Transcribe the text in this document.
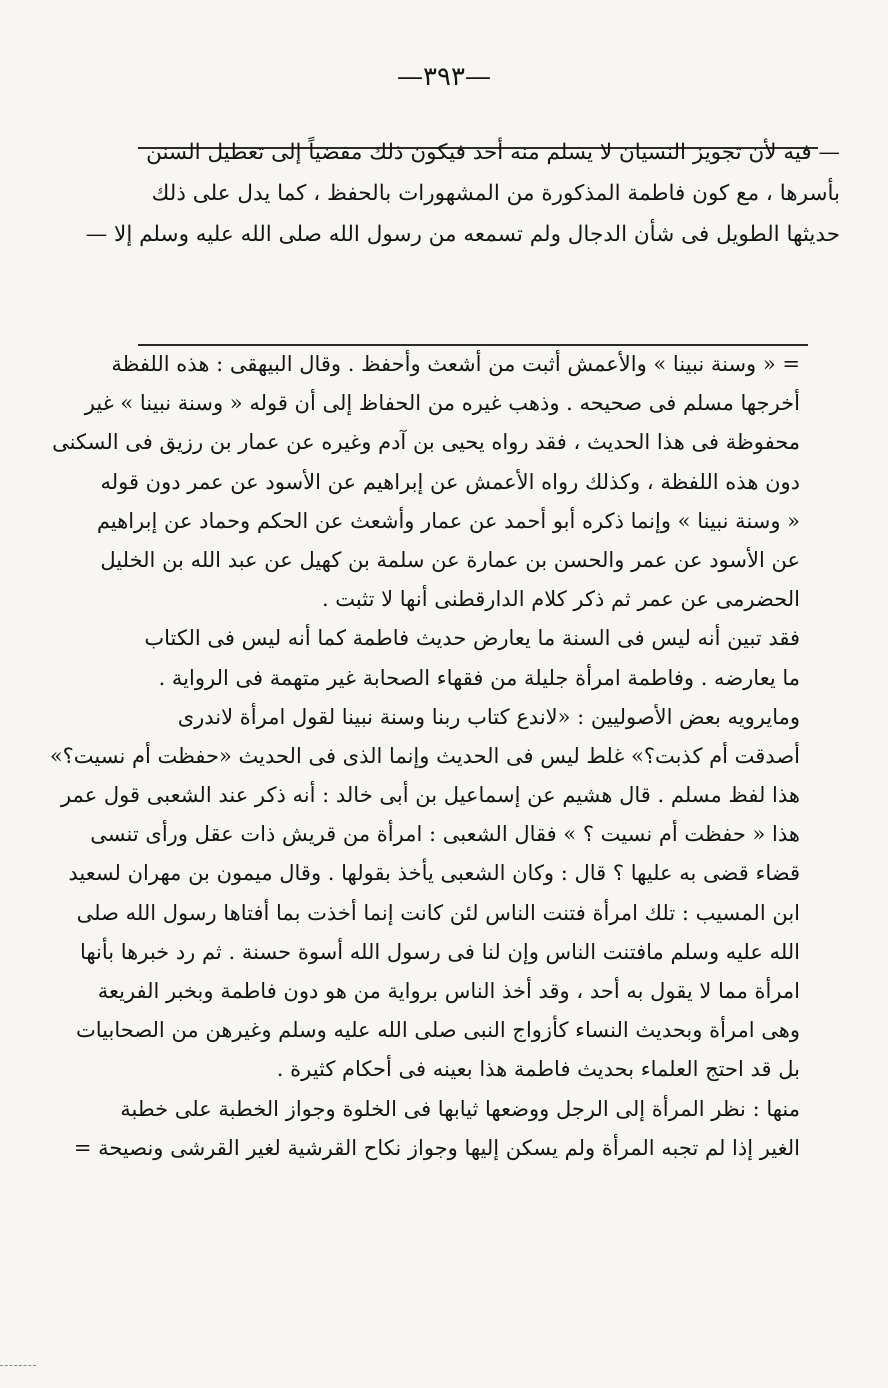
—٣٩٣—
— فيه لأن تجويز النسيان لا يسلم منه أحد فيكون ذلك مفضياً إلى تعطيل السنن
بأسرها ، مع كون فاطمة المذكورة من المشهورات بالحفظ ، كما يدل على ذلك
حديثها الطويل فى شأن الدجال ولم تسمعه من رسول الله صلى الله عليه وسلم إلا —
= « وسنة نبينا » والأعمش أثبت من أشعث وأحفظ . وقال البيهقى : هذه اللفظة
أخرجها مسلم فى صحيحه . وذهب غيره من الحفاظ إلى أن قوله « وسنة نبينا » غير
محفوظة فى هذا الحديث ، فقد رواه يحيى بن آدم وغيره عن عمار بن رزيق فى السكنى
دون هذه اللفظة ، وكذلك رواه الأعمش عن إبراهيم عن الأسود عن عمر دون قوله
« وسنة نبينا » وإنما ذكره أبو أحمد عن عمار وأشعث عن الحكم وحماد عن إبراهيم
عن الأسود عن عمر والحسن بن عمارة عن سلمة بن كهيل عن عبد الله بن الخليل
الحضرمى عن عمر ثم ذكر كلام الدارقطنى أنها لا تثبت .
فقد تبين أنه ليس فى السنة ما يعارض حديث فاطمة كما أنه ليس فى الكتاب
ما يعارضه . وفاطمة امرأة جليلة من فقهاء الصحابة غير متهمة فى الرواية .
ومايرويه بعض الأصوليين : «لاندع كتاب ربنا وسنة نبينا لقول امرأة لاندرى
أصدقت أم كذبت؟» غلط ليس فى الحديث وإنما الذى فى الحديث «حفظت أم نسيت؟»
هذا لفظ مسلم . قال هشيم عن إسماعيل بن أبى خالد : أنه ذكر عند الشعبى قول عمر
هذا « حفظت أم نسيت ؟ » فقال الشعبى : امرأة من قريش ذات عقل ورأى تنسى
قضاء قضى به عليها ؟ قال : وكان الشعبى يأخذ بقولها . وقال ميمون بن مهران لسعيد
ابن المسيب : تلك امرأة فتنت الناس لئن كانت إنما أخذت بما أفتاها رسول الله صلى
الله عليه وسلم مافتنت الناس وإن لنا فى رسول الله أسوة حسنة . ثم رد خبرها بأنها
امرأة مما لا يقول به أحد ، وقد أخذ الناس برواية من هو دون فاطمة وبخبر الفريعة
وهى امرأة وبحديث النساء كأزواج النبى صلى الله عليه وسلم وغيرهن من الصحابيات
بل قد احتج العلماء بحديث فاطمة هذا بعينه فى أحكام كثيرة .
منها : نظر المرأة إلى الرجل ووضعها ثيابها فى الخلوة وجواز الخطبة على خطبة
الغير إذا لم تجبه المرأة ولم يسكن إليها وجواز نكاح القرشية لغير القرشى ونصيحة =
